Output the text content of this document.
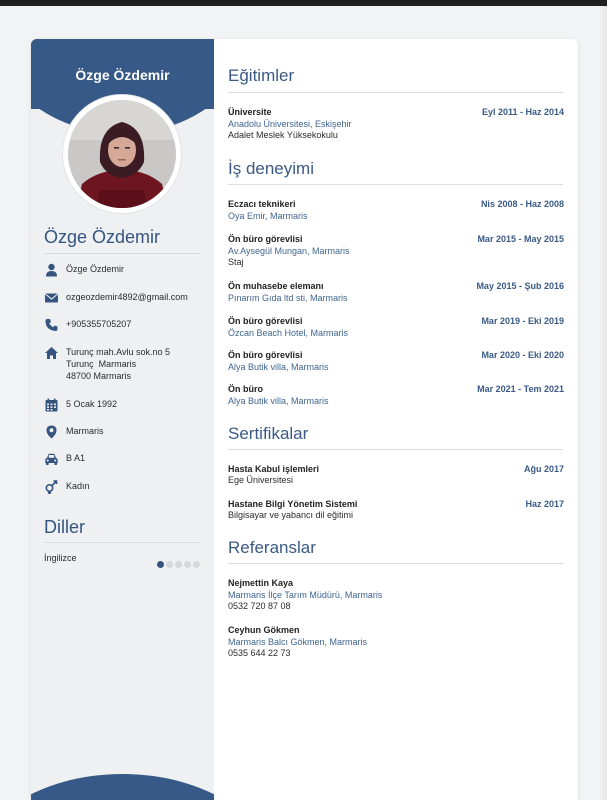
Özge Özdemir
Özge Özdemir
Özge Özdemir
ozgeozdemir4892@gmail.com
+905355705207
Turunç mah.Avlu sok.no 5
Turunç  Marmaris
48700 Marmaris
5 Ocak 1992
Marmaris
B A1
Kadın
Diller
İngilizce
Eğitimler
Üniversite	Eyl 2011 - Haz 2014
Anadolu Üniversitesi, Eskişehir
Adalet Meslek Yüksekokulu
İş deneyimi
Eczacı teknikeri	Nis 2008 - Haz 2008
Oya Emir, Marmaris
Ön büro görevlisi	Mar 2015 - May 2015
Av.Aysegül Mungan, Marmaris
Staj
Ön muhasebe elemanı	May 2015 - Şub 2016
Pınarım Gıda ltd sti, Marmaris
Ön büro görevlisi	Mar 2019 - Eki 2019
Özcan Beach Hotel, Marmaris
Ön büro görevlisi	Mar 2020 - Eki 2020
Alya Butik villa, Marmaris
Ön büro	Mar 2021 - Tem 2021
Alya Butik villa, Marmaris
Sertifikalar
Hasta Kabul işlemleri	Ağu 2017
Ege Üniversitesi
Hastane Bilgi Yönetim Sistemi	Haz 2017
Bilgisayar ve yabancı dil eğitimi
Referanslar
Nejmettin Kaya
Marmaris İlçe Tarım Müdürü, Marmaris
0532 720 87 08
Ceyhun Gökmen
Marmaris Balcı Gökmen, Marmaris
0535 644 22 73
